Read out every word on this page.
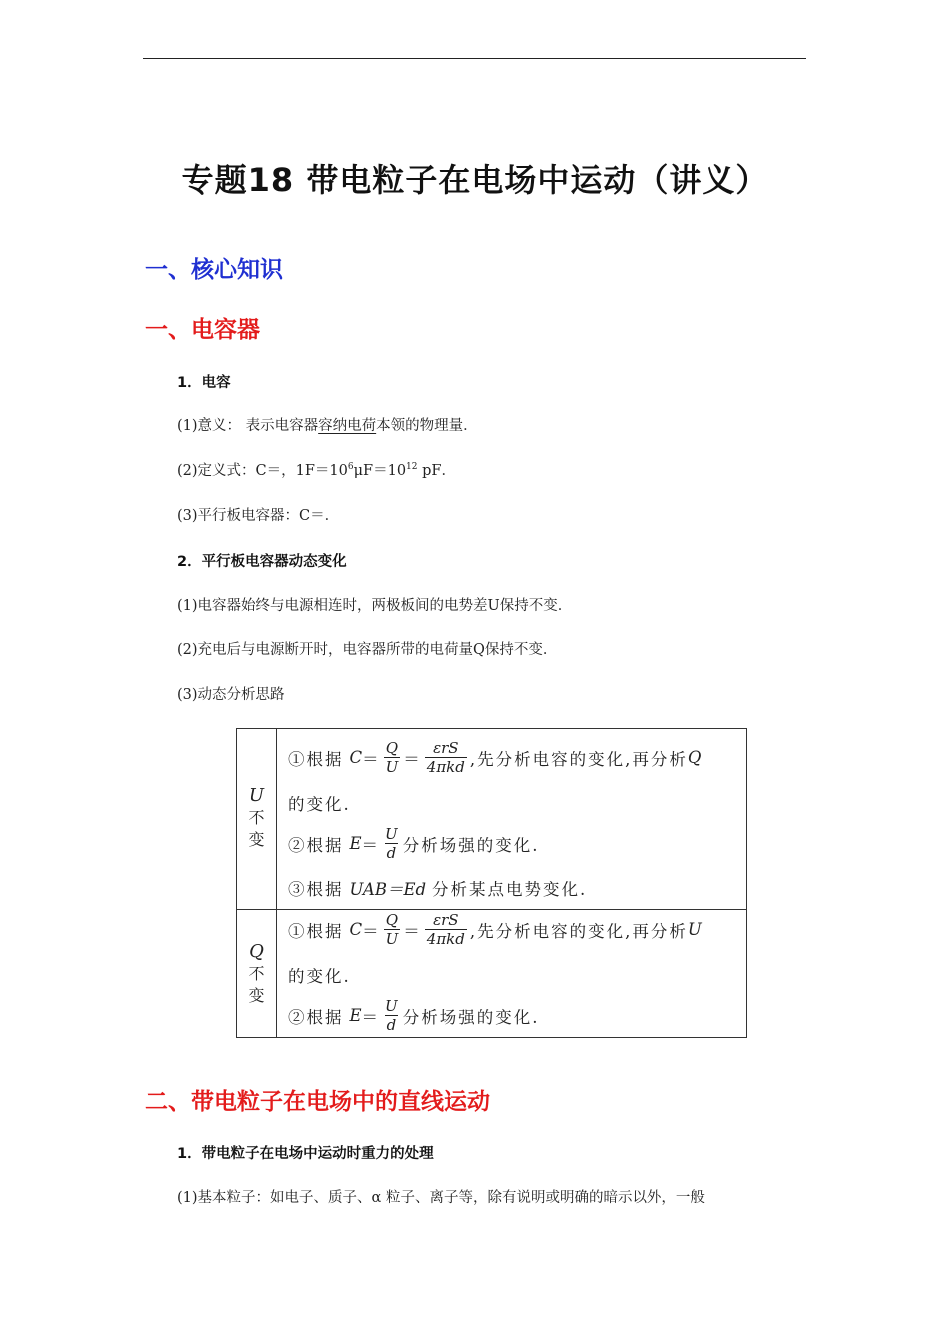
专题18 带电粒子在电场中运动（讲义）
一、核心知识
一、电容器
1．电容
(1)意义： 表示电容器容纳电荷本领的物理量．
(2)定义式：C＝，$1F=10^6\mu F=10^{12}$ pF．
(3)平行板电容器：C＝．
2．平行板电容器动态变化
(1)电容器始终与电源相连时，两极板间的电势差U保持不变．
(2)充电后与电源断开时，电容器所带的电荷量Q保持不变．
(3)动态分析思路
U
不
变
Q
不
变
①根据 $C = \frac{Q}{U} = \frac{\text{εrS}}{\text{4πkd}}$ ,先分析电容的变化,再分析 Q
的变化.
②根据 $E = \frac{U}{d}$ 分析场强的变化.
③根据 UAB＝Ed 分析某点电势变化.
①根据 $C = \frac{Q}{U} = \frac{\text{εrS}}{\text{4πkd}}$ ,先分析电容的变化,再分析 U
的变化.
②根据 $E = \frac{U}{d}$ 分析场强的变化.
二、带电粒子在电场中的直线运动
1．带电粒子在电场中运动时重力的处理
(1)基本粒子：如电子、质子、α 粒子、离子等，除有说明或明确的暗示以外，一般
